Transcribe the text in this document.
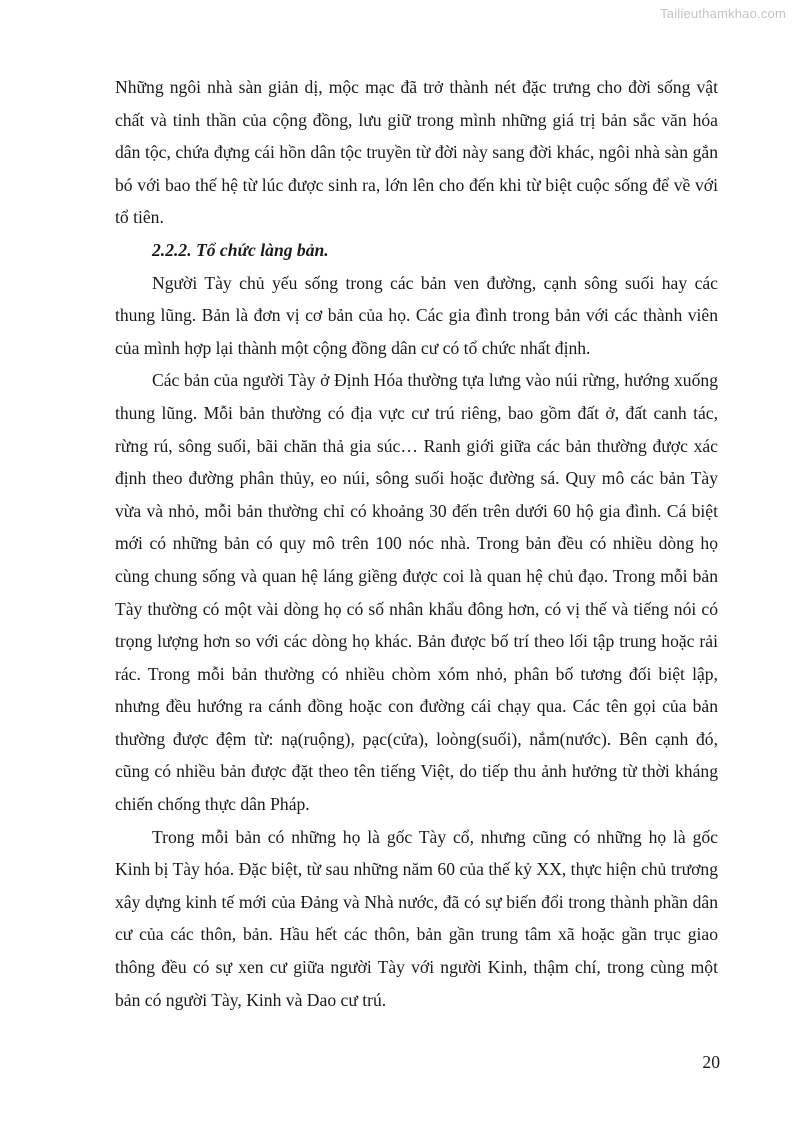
Tailieuthamkhao.com

Những ngôi nhà sàn giản dị, mộc mạc đã trở thành nét đặc trưng cho đời sống vật chất và tinh thần của cộng đồng, lưu giữ trong mình những giá trị bản sắc văn hóa dân tộc, chứa đựng cái hồn dân tộc truyền từ đời này sang đời khác, ngôi nhà sàn gắn bó với bao thế hệ từ lúc được sinh ra, lớn lên cho đến khi từ biệt cuộc sống để về với tổ tiên.

2.2.2. Tổ chức làng bản.

Người Tày chủ yếu sống trong các bản ven đường, cạnh sông suối hay các thung lũng. Bản là đơn vị cơ bản của họ. Các gia đình trong bản với các thành viên của mình hợp lại thành một cộng đồng dân cư có tổ chức nhất định.

Các bản của người Tày ở Định Hóa thường tựa lưng vào núi rừng, hướng xuống thung lũng. Mỗi bản thường có địa vực cư trú riêng, bao gồm đất ở, đất canh tác, rừng rú, sông suối, bãi chăn thả gia súc… Ranh giới giữa các bản thường được xác định theo đường phân thủy, eo núi, sông suối hoặc đường sá. Quy mô các bản Tày vừa và nhỏ, mỗi bản thường chỉ có khoảng 30 đến trên dưới 60 hộ gia đình. Cá biệt mới có những bản có quy mô trên 100 nóc nhà. Trong bản đều có nhiều dòng họ cùng chung sống và quan hệ láng giềng được coi là quan hệ chủ đạo. Trong mỗi bản Tày thường có một vài dòng họ có số nhân khẩu đông hơn, có vị thế và tiếng nói có trọng lượng hơn so với các dòng họ khác. Bản được bố trí theo lối tập trung hoặc rải rác. Trong mỗi bản thường có nhiều chòm xóm nhỏ, phân bố tương đối biệt lập, nhưng đều hướng ra cánh đồng hoặc con đường cái chạy qua. Các tên gọi của bản thường được đệm từ: nạ(ruộng), pạc(cửa), loòng(suối), nắm(nước). Bên cạnh đó, cũng có nhiều bản được đặt theo tên tiếng Việt, do tiếp thu ảnh hưởng từ thời kháng chiến chống thực dân Pháp.

Trong mỗi bản có những họ là gốc Tày cổ, nhưng cũng có những họ là gốc Kinh bị Tày hóa. Đặc biệt, từ sau những năm 60 của thế kỷ XX, thực hiện chủ trương xây dựng kinh tế mới của Đảng và Nhà nước, đã có sự biến đổi trong thành phần dân cư của các thôn, bản. Hầu hết các thôn, bản gần trung tâm xã hoặc gần trục giao thông đều có sự xen cư giữa người Tày với người Kinh, thậm chí, trong cùng một bản có người Tày, Kinh và Dao cư trú.

20
